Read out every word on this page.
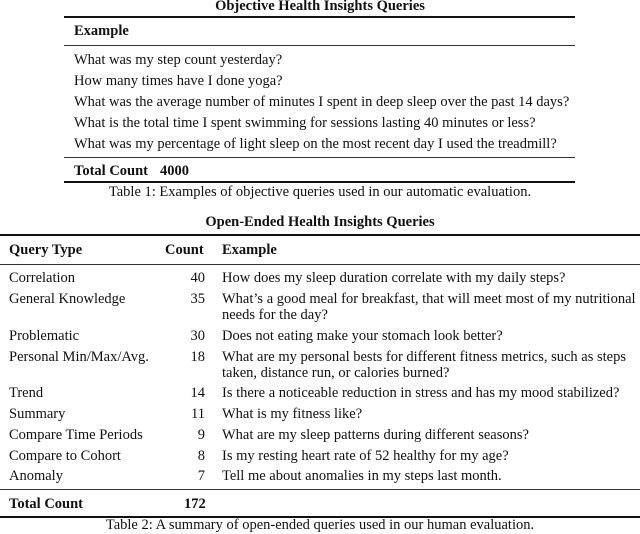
Objective Health Insights Queries
Example
What was my step count yesterday?
How many times have I done yoga?
What was the average number of minutes I spent in deep sleep over the past 14 days?
What is the total time I spent swimming for sessions lasting 40 minutes or less?
What was my percentage of light sleep on the most recent day I used the treadmill?
Total Count 4000
Table 1: Examples of objective queries used in our automatic evaluation.
Open-Ended Health Insights Queries
Query Type	Count Example
Correlation	40 How does my sleep duration correlate with my daily steps?
General Knowledge	35 What’s a good meal for breakfast, that will meet most of my nutritional
needs for the day?
Problematic	30 Does not eating make your stomach look better?
Personal Min/Max/Avg.	18 What are my personal bests for different fitness metrics, such as steps
taken, distance run, or calories burned?
Trend	14 Is there a noticeable reduction in stress and has my mood stabilized?
Summary	11 What is my fitness like?
Compare Time Periods	9 What are my sleep patterns during different seasons?
Compare to Cohort	8 Is my resting heart rate of 52 healthy for my age?
Anomaly	7 Tell me about anomalies in my steps last month.
Total Count	172
Table 2: A summary of open-ended queries used in our human evaluation.
